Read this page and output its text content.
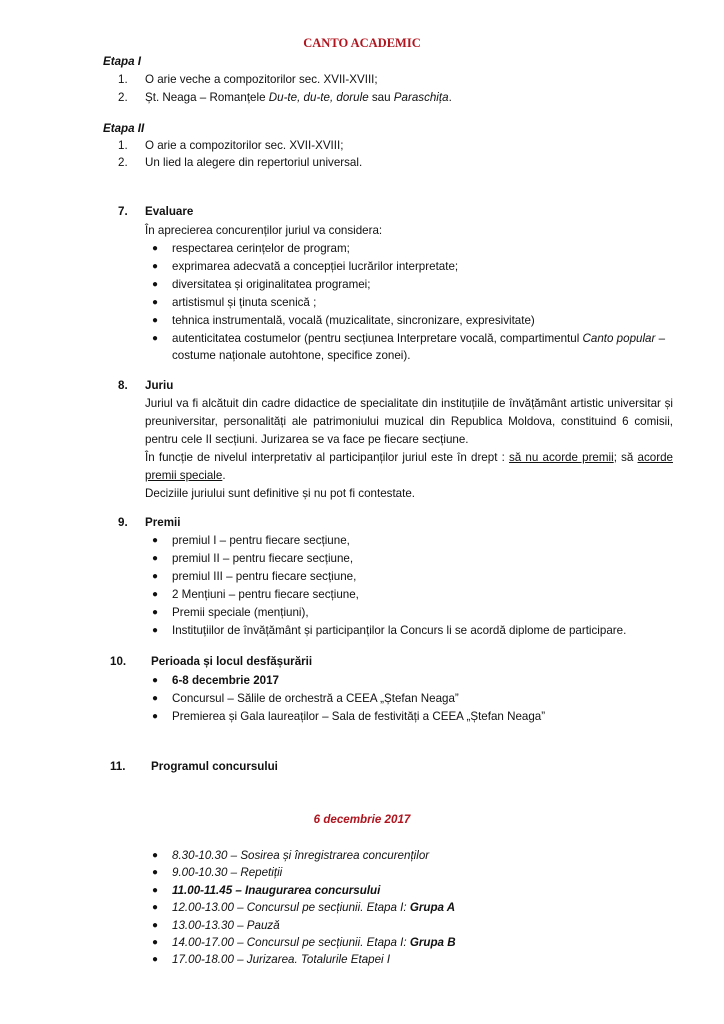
CANTO ACADEMIC
Etapa I
1. O arie veche a compozitorilor sec. XVII-XVIII;
2. Șt. Neaga – Romanțele Du-te, du-te, dorule sau Paraschița.
Etapa II
1. O arie a compozitorilor sec. XVII-XVIII;
2. Un lied la alegere din repertoriul universal.
7. Evaluare
În aprecierea concurenților juriul va considera:
● respectarea cerințelor de program;
● exprimarea adecvată a concepției lucrărilor interpretate;
● diversitatea și originalitatea programei;
● artistismul și ținuta scenică ;
● tehnica instrumentală, vocală (muzicalitate, sincronizare, expresivitate)
● autenticitatea costumelor (pentru secțiunea Interpretare vocală, compartimentul Canto popular –
costume naționale autohtone, specifice zonei).
8. Juriu
Juriul va fi alcătuit din cadre didactice de specialitate din instituțiile de învățământ artistic universitar și
preuniversitar, personalități ale patrimoniului muzical din Republica Moldova, constituind 6 comisii,
pentru cele II secțiuni. Jurizarea se va face pe fiecare secțiune.
În funcție de nivelul interpretativ al participanților juriul este în drept : să nu acorde premii; să acorde
premii speciale.
Deciziile juriului sunt definitive și nu pot fi contestate.
9. Premii
● premiul I – pentru fiecare secțiune,
● premiul II – pentru fiecare secțiune,
● premiul III – pentru fiecare secțiune,
● 2 Mențiuni – pentru fiecare secțiune,
● Premii speciale (mențiuni),
● Instituțiilor de învățământ și participanților la Concurs li se acordă diplome de participare.
10. Perioada și locul desfășurării
● 6-8 decembrie 2017
● Concursul – Sălile de orchestră a CEEA „Ștefan Neaga”
● Premierea și Gala laureaților – Sala de festivități a CEEA „Ștefan Neaga”
11. Programul concursului
6 decembrie 2017
● 8.30-10.30 – Sosirea și înregistrarea concurenților
● 9.00-10.30 – Repetiții
● 11.00-11.45 – Inaugurarea concursului
● 12.00-13.00 – Concursul pe secțiunii. Etapa I: Grupa A
● 13.00-13.30 – Pauză
● 14.00-17.00 – Concursul pe secțiunii. Etapa I: Grupa B
● 17.00-18.00 – Jurizarea. Totalurile Etapei I
